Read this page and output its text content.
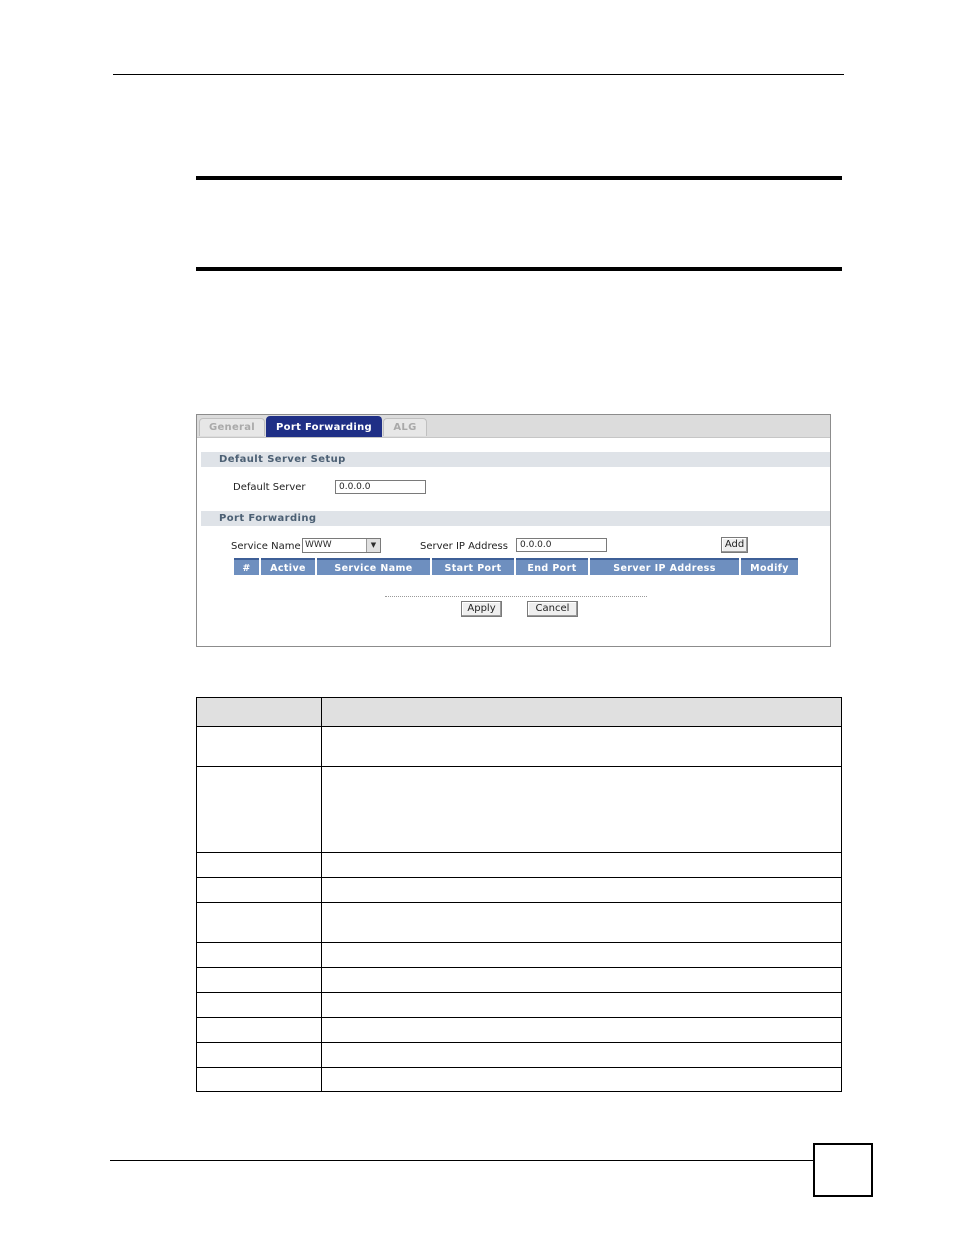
General	Port Forwarding	ALG
Default Server Setup
Default Server
0.0.0.0
Port Forwarding
Service Name WWW	▼	Server IP Address
0.0.0.0	Add
#	Active	Service Name	Start Port	End Port	Server IP Address	Modify
Apply	Cancel
